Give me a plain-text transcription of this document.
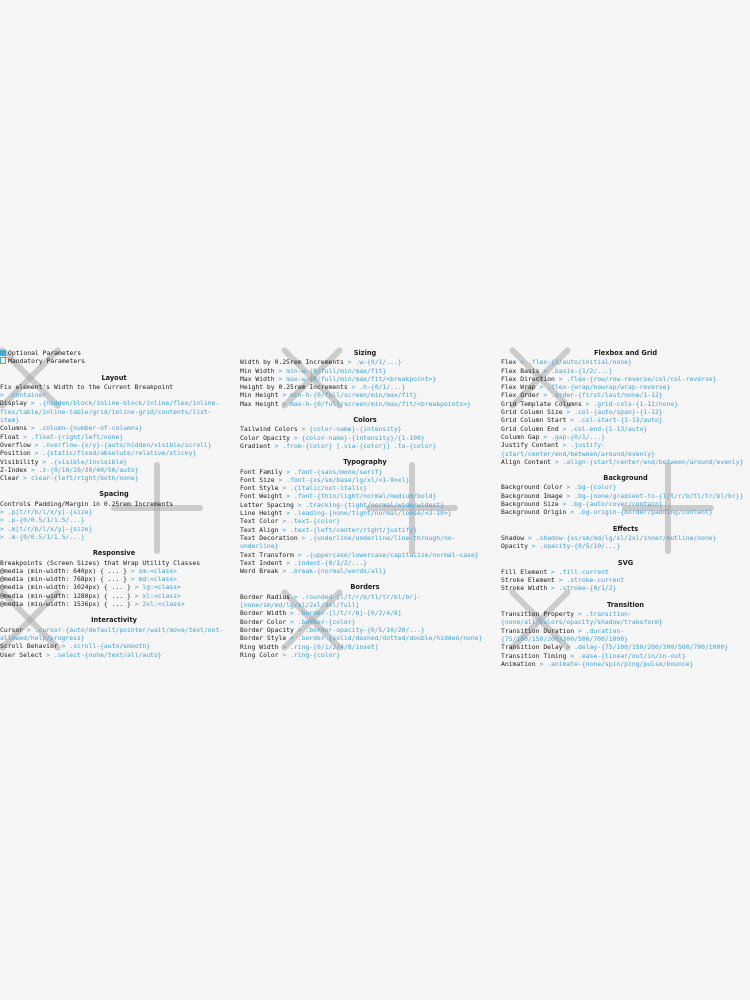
Optional Parameters
Mandatory Parameters
Layout
Fix element's Width to the Current Breakpoint
> .container
Display > .{hidden/block/inline-block/inline/flex/inline-flex/table/inline-table/grid/inline-grid/contents/list-item}
Columns > .column-{number-of-columns}
Float > .float-{right/left/none}
Overflow > .overflow-{x/y}-{auto/hidden/visible/scroll}
Position > .{static/fixed/absolute/relative/sticky}
Visibility > .{visible/invisible}
Z-Index > .z-{0/10/20/30/40/50/auto}
Clear > clear-{left/right/both/none}
Spacing
Controls Padding/Margin in 0.25rem Increments
> .p[t/r/b/l/x/y]-{size}
> .p-{0/0.5/1/1.5/...}
> .m[t/r/b/l/x/y]-{size}
> .m-{0/0.5/1/1.5/...}
Responsive
Breakpoints (Screen Sizes) that Wrap Utility Classes
@media (min-width: 640px) { ... } > sm:<class>
@media (min-width: 768px) { ... } > md:<class>
@media (min-width: 1024px) { ... } > lg:<class>
@media (min-width: 1280px) { ... } > xl:<class>
@media (min-width: 1536px) { ... } > 2xl:<class>
Interactivity
Cursor > .cursor-{auto/default/pointer/wait/move/text/not-allowed/help/progress}
Scroll Behavior > .scroll-{auto/smooth}
User Select > .select-{none/text/all/auto}
Sizing
Width by 0.25rem Increments > .w-{0/1/...}
Min Width > min-w-{0/full/min/max/fit}
Max Width > max-w-{0/full/min/max/fit/<breakpoint>}
Height by 0.25rem Increments > .h-{0/1/...}
Min Height > min-h-{0/full/screen/min/max/fit}
Max Height > max-h-{0/full/screen/min/max/fit/<breakpoints>}
Colors
Tailwind Colors > {color-name}-{intensity}
Color Opacity > {color-name}-{intensity}/{1-100}
Gradient > .from-{color} [.via-{color}] .to-{color}
Typography
Font Family > .font-{sans/mono/serif}
Font Size > .font-{xs/sm/base/lg/xl/<1-9>xl}
Font Style > .{italic/not-italic}
Font Weight > .font-{thin/light/normal/medium/bold}
Letter Spacing > .tracking-{tight/normal/wide/widest}
Line Height > .leading-{none/tight/normal/loose/<3-10>}
Text Color > .text-{color}
Text Align > .text-{left/center/right/justify}
Text Decoration > .{underline/underline/line-through/no-underline}
Text Transform > .{uppercase/lowercase/capitalize/normal-case}
Text Indent > .indent-{0/1/2/...}
Word Break > .break-{normal/words/all}
Borders
Border Radius > .rounded-[l/t/r/b/tl/tr/bl/br]-[none/sm/md/lg/xl/2xl/3xl/full]
Border Width > .border-[l/t/r/b]-[0/2/4/8]
Border Color > .border-{color}
Border Opacity > .border-opacity-{0/5/10/20/...}
Border Style > .border-{solid/dashed/dotted/double/hidden/none}
Ring Width > .ring-[0/1/2/4/8/inset]
Ring Color > .ring-{color}
Flexbox and Grid
Flex > .flex-{1/auto/initial/none}
Flex Basis > .basis-{1/2/...}
Flex Direction > .flex-{row/row-reverse/col/col-reverse}
Flex Wrap > .flex-{wrap/nowrap/wrap-reverse}
Flex Order > .order-{first/last/none/1-12}
Grid Template Columns > .grid-cols-{1-12/none}
Grid Column Size > .col-{auto/span}-{1-12}
Grid Column Start > .col-start-{1-13/auto}
Grid Column End > .col-end-{1-13/auto}
Column Gap > .gap-{0/1/...}
Justify Content > .justify-{start/center/end/between/around/evenly}
Align Content > .align-{start/center/end/between/around/evenly}
Background
Background Color > .bg-{color}
Background Image > .bg-{none/gradient-to-{l/t/r/b/tl/tr/bl/br}}
Background Size > .bg-{auto/cover/contain}
Background Origin > .bg-origin-{border/padding/content}
Effects
Shadow > .shadow-{xs/sm/md/lg/xl/2xl/inner/outline/none}
Opacity > .opacity-{0/5/10/...}
SVG
Fill Element > .fill-current
Stroke Element > .stroke-current
Stroke Width > .stroke-{0/1/2}
Transition
Transition Property > .transition-{none/all/colors/opacity/shadow/transform}
Transition Duration > .duration-{75/100/150/200/300/500/700/1000}
Transition Delay > .delay-{75/100/150/200/300/500/700/1000}
Transition Timing > .ease-{linear/out/in/in-out}
Animation > .animate-{none/spin/ping/pulse/bounce}
